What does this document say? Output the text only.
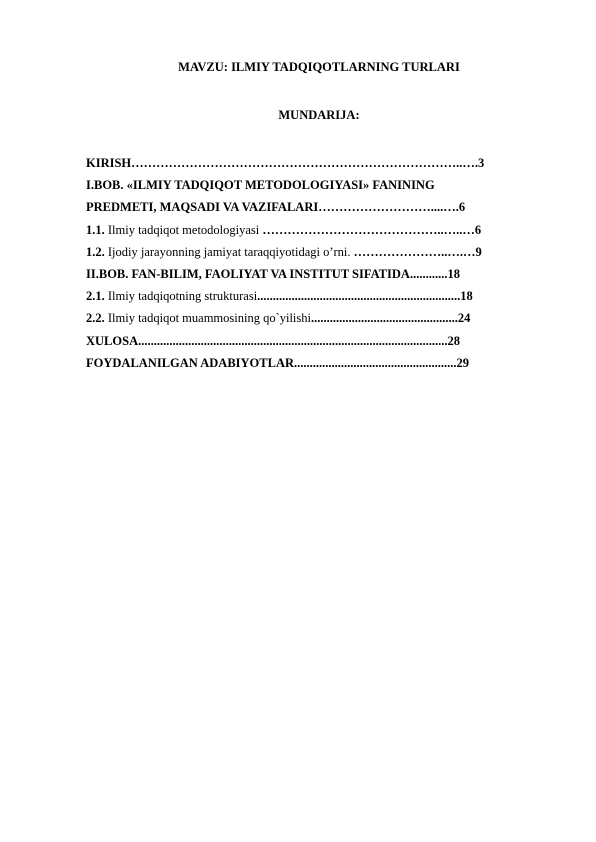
MAVZU: ILMIY TADQIQOTLARNING TURLARI
MUNDARIJA:
KIRISH……………………………………………………………………..….3
I.BOB. «ILMIY TADQIQOT METODOLOGIYASI» FANINING
PREDMETI, MAQSADI VA VAZIFALARI………………………....….6
1.1. Ilmiy tadqiqot metodologiyasi ……………………………………..…..…6
1.2. Ijodiy jarayonning jamiyat taraqqiyotidagi o’rni. …………………..….…9
II.BOB. FAN-BILIM, FAOLIYAT VA INSTITUT SIFATIDA............18
2.1. Ilmiy tadqiqotning strukturasi.................................................................18
2.2. Ilmiy tadqiqot muammosining qo`yilishi...............................................24
XULOSA...................................................................................................28
FOYDALANILGAN ADABIYOTLAR....................................................29
